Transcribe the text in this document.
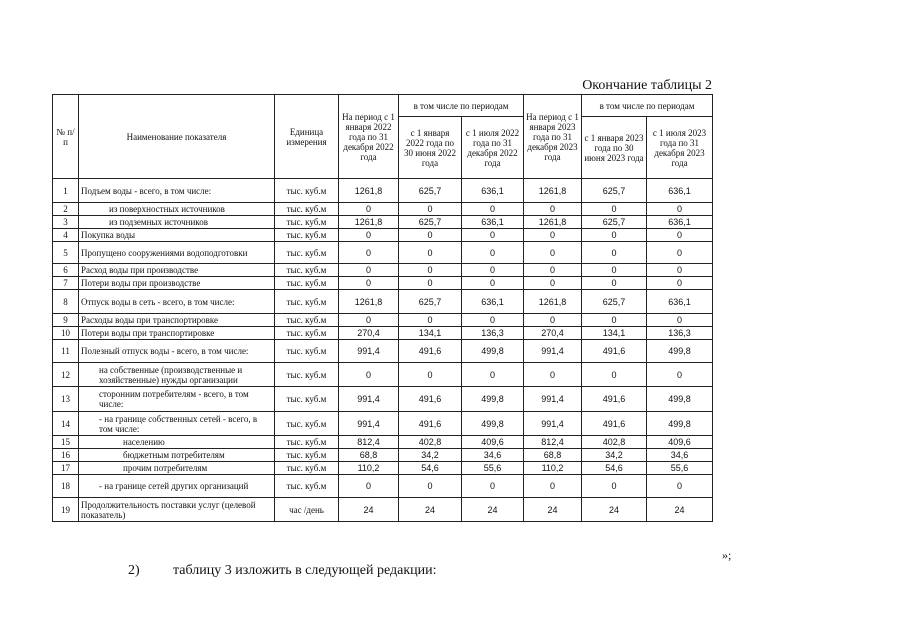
Окончание таблицы 2
№ п/п	Наименование показателя	Единица измерения	На период с 1 января 2022 года по 31 декабря 2022 года	в том числе по периодам		На период с 1 января 2023 года по 31 декабря 2023 года	в том числе по периодам	
				с 1 января 2022 года по 30 июня 2022 года	с 1 июля 2022 года по 31 декабря 2022 года		с 1 января 2023 года по 30 июня 2023 года	с 1 июля 2023 года по 31 декабря 2023 года
1	Подъем воды - всего, в том числе:	тыс. куб.м	1261,8	625,7	636,1	1261,8	625,7	636,1
2	из поверхностных источников	тыс. куб.м	0	0	0	0	0	0
3	из подземных источников	тыс. куб.м	1261,8	625,7	636,1	1261,8	625,7	636,1
4	Покупка воды	тыс. куб.м	0	0	0	0	0	0
5	Пропущено сооружениями водоподготовки	тыс. куб.м	0	0	0	0	0	0
6	Расход воды при производстве	тыс. куб.м	0	0	0	0	0	0
7	Потери воды при производстве	тыс. куб.м	0	0	0	0	0	0
8	Отпуск воды в сеть - всего, в том числе:	тыс. куб.м	1261,8	625,7	636,1	1261,8	625,7	636,1
9	Расходы воды при транспортировке	тыс. куб.м	0	0	0	0	0	0
10	Потери воды при транспортировке	тыс. куб.м	270,4	134,1	136,3	270,4	134,1	136,3
11	Полезный отпуск воды - всего, в том числе:	тыс. куб.м	991,4	491,6	499,8	991,4	491,6	499,8
12	на собственные (производственные и хозяйственные) нужды организации	тыс. куб.м	0	0	0	0	0	0
13	сторонним потребителям - всего, в том числе:	тыс. куб.м	991,4	491,6	499,8	991,4	491,6	499,8
14	- на границе собственных сетей - всего, в том числе:	тыс. куб.м	991,4	491,6	499,8	991,4	491,6	499,8
15	населению	тыс. куб.м	812,4	402,8	409,6	812,4	402,8	409,6
16	бюджетным потребителям	тыс. куб.м	68,8	34,2	34,6	68,8	34,2	34,6
17	прочим потребителям	тыс. куб.м	110,2	54,6	55,6	110,2	54,6	55,6
18	- на границе сетей других организаций	тыс. куб.м	0	0	0	0	0	0
19	Продолжительность поставки услуг (целевой показатель)	час /день	24	24	24	24	24	24
»;
2) таблицу 3 изложить в следующей редакции:
